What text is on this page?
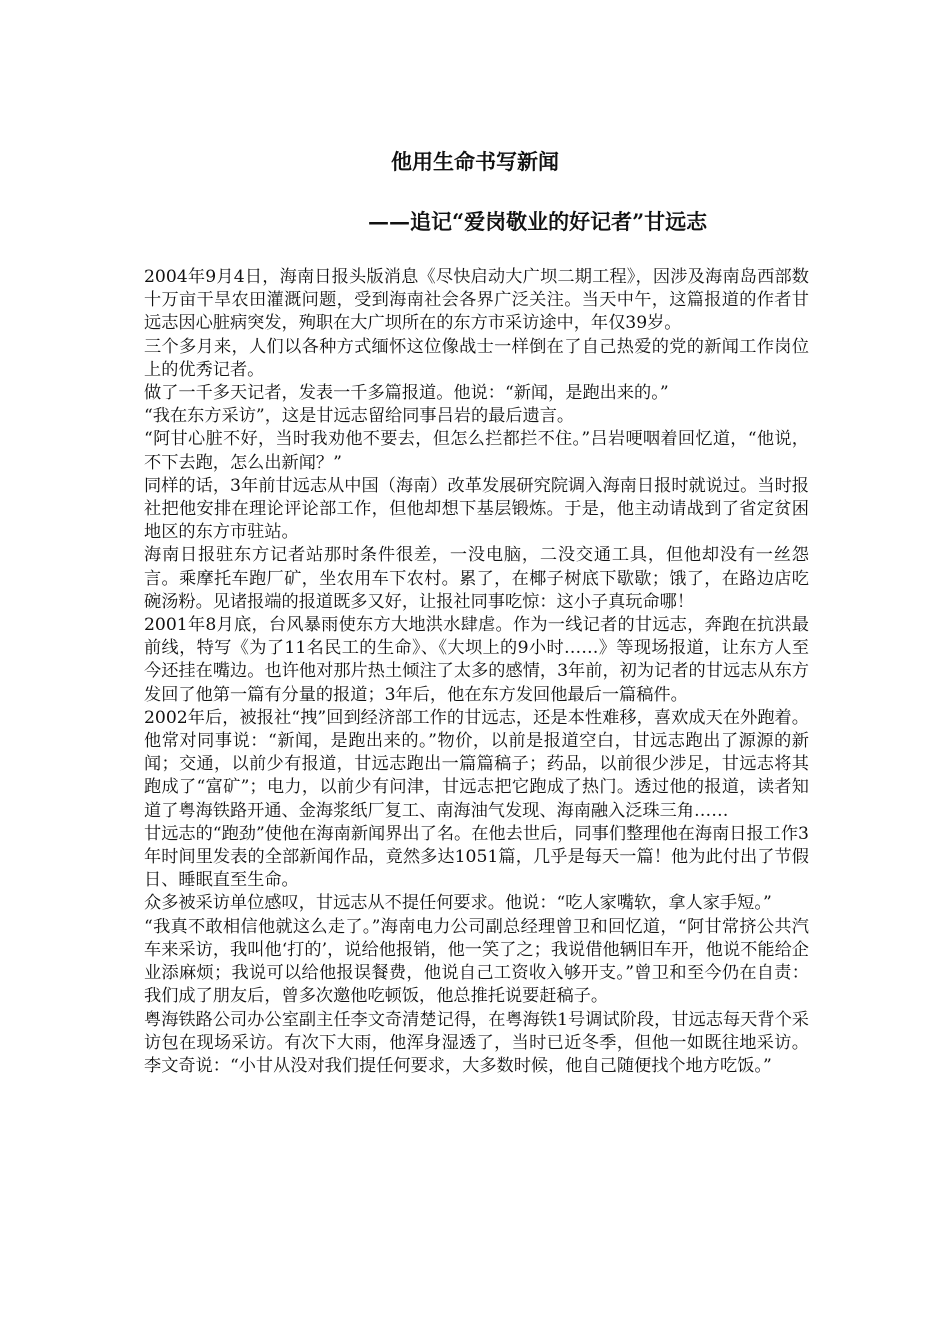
他用生命书写新闻
——追记“爱岗敬业的好记者”甘远志

2004年9月4日，海南日报头版消息《尽快启动大广坝二期工程》，因涉及海南岛西部数十万亩干旱农田灌溉问题，受到海南社会各界广泛关注。当天中午，这篇报道的作者甘远志因心脏病突发，殉职在大广坝所在的东方市采访途中，年仅39岁。

三个多月来，人们以各种方式缅怀这位像战士一样倒在了自己热爱的党的新闻工作岗位上的优秀记者。

做了一千多天记者，发表一千多篇报道。他说：“新闻，是跑出来的。”

“我在东方采访”，这是甘远志留给同事吕岩的最后遗言。

“阿甘心脏不好，当时我劝他不要去，但怎么拦都拦不住。”吕岩哽咽着回忆道，“他说，不下去跑，怎么出新闻？”

同样的话，3年前甘远志从中国（海南）改革发展研究院调入海南日报时就说过。当时报社把他安排在理论评论部工作，但他却想下基层锻炼。于是，他主动请战到了省定贫困地区的东方市驻站。

海南日报驻东方记者站那时条件很差，一没电脑，二没交通工具，但他却没有一丝怨言。乘摩托车跑厂矿，坐农用车下农村。累了，在椰子树底下歇歇；饿了，在路边店吃碗汤粉。见诸报端的报道既多又好，让报社同事吃惊：这小子真玩命哪！

2001年8月底，台风暴雨使东方大地洪水肆虐。作为一线记者的甘远志，奔跑在抗洪最前线，特写《为了11名民工的生命》、《大坝上的9小时……》等现场报道，让东方人至今还挂在嘴边。也许他对那片热土倾注了太多的感情，3年前，初为记者的甘远志从东方发回了他第一篇有分量的报道；3年后，他在东方发回他最后一篇稿件。

2002年后，被报社“拽”回到经济部工作的甘远志，还是本性难移，喜欢成天在外跑着。他常对同事说：“新闻，是跑出来的。”物价，以前是报道空白，甘远志跑出了源源的新闻；交通，以前少有报道，甘远志跑出一篇篇稿子；药品，以前很少涉足，甘远志将其跑成了“富矿”；电力，以前少有问津，甘远志把它跑成了热门。透过他的报道，读者知道了粤海铁路开通、金海浆纸厂复工、南海油气发现、海南融入泛珠三角……

甘远志的“跑劲”使他在海南新闻界出了名。在他去世后，同事们整理他在海南日报工作3年时间里发表的全部新闻作品，竟然多达1051篇，几乎是每天一篇！他为此付出了节假日、睡眠直至生命。

众多被采访单位感叹，甘远志从不提任何要求。他说：“吃人家嘴软，拿人家手短。”

“我真不敢相信他就这么走了。”海南电力公司副总经理曾卫和回忆道，“阿甘常挤公共汽车来采访，我叫他‘打的’，说给他报销，他一笑了之；我说借他辆旧车开，他说不能给企业添麻烦；我说可以给他报误餐费，他说自己工资收入够开支。”曾卫和至今仍在自责：我们成了朋友后，曾多次邀他吃顿饭，他总推托说要赶稿子。

粤海铁路公司办公室副主任李文奇清楚记得，在粤海铁1号调试阶段，甘远志每天背个采访包在现场采访。有次下大雨，他浑身湿透了，当时已近冬季，但他一如既往地采访。李文奇说：“小甘从没对我们提任何要求，大多数时候，他自己随便找个地方吃饭。”
